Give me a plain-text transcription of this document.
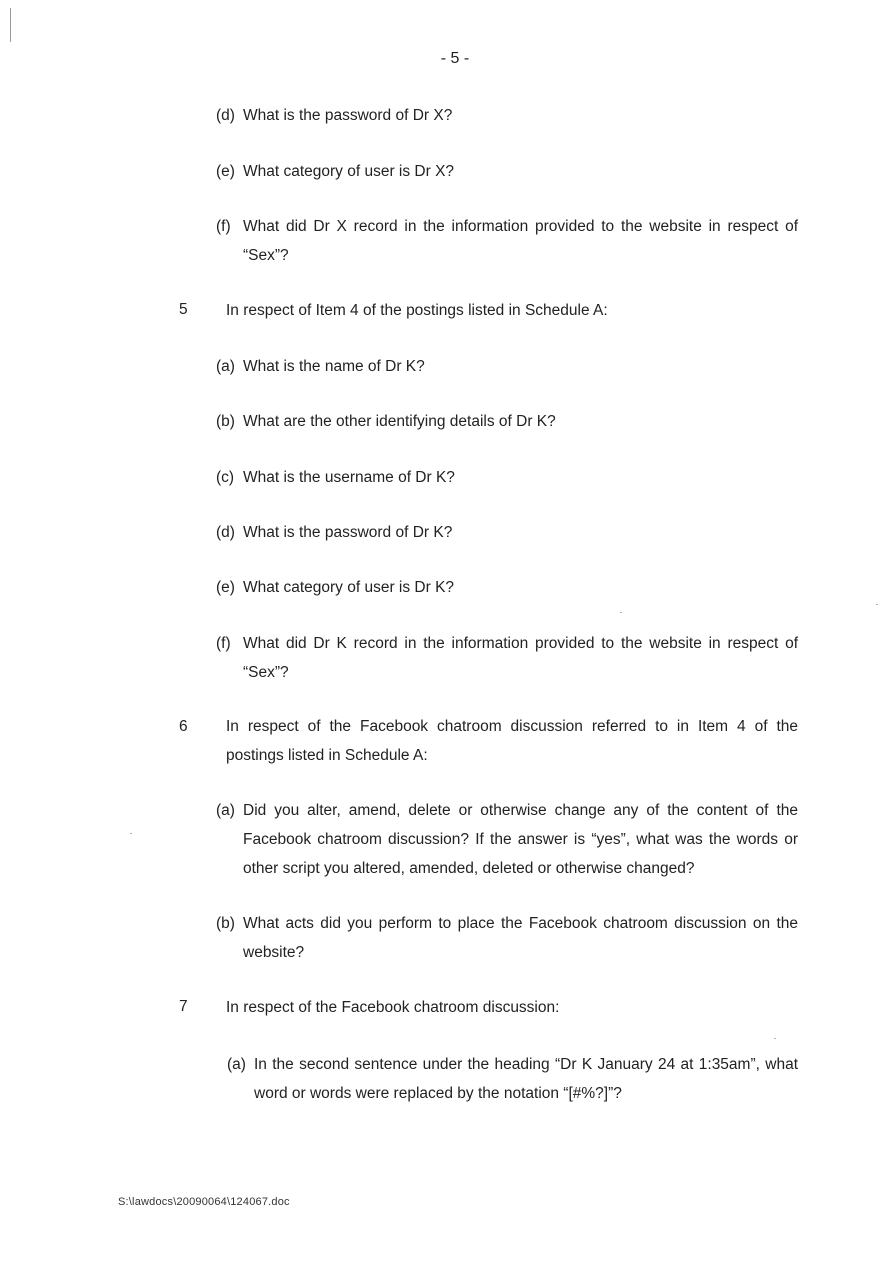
- 5 -
(d) What is the password of Dr X?
(e) What category of user is Dr X?
(f) What did Dr X record in the information provided to the website in respect of “Sex”?
5 In respect of Item 4 of the postings listed in Schedule A:
(a) What is the name of Dr K?
(b) What are the other identifying details of Dr K?
(c) What is the username of Dr K?
(d) What is the password of Dr K?
(e) What category of user is Dr K?
(f) What did Dr K record in the information provided to the website in respect of “Sex”?
6 In respect of the Facebook chatroom discussion referred to in Item 4 of the postings listed in Schedule A:
(a) Did you alter, amend, delete or otherwise change any of the content of the Facebook chatroom discussion? If the answer is “yes”, what was the words or other script you altered, amended, deleted or otherwise changed?
(b) What acts did you perform to place the Facebook chatroom discussion on the website?
7 In respect of the Facebook chatroom discussion:
(a) In the second sentence under the heading “Dr K January 24 at 1:35am”, what word or words were replaced by the notation “[#%?]”?
S:\lawdocs\20090064\124067.doc
